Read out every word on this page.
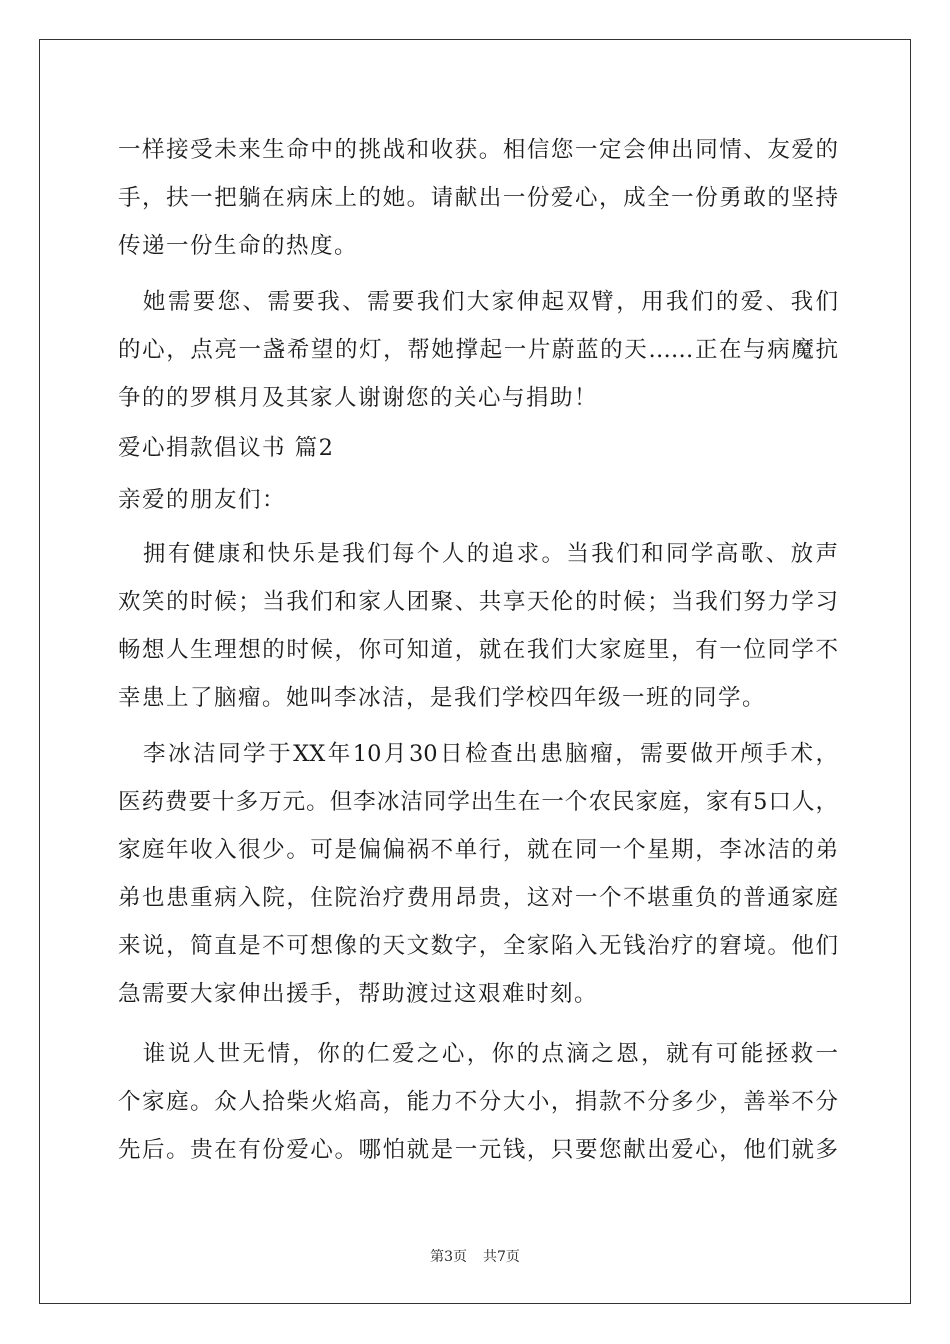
一样接受未来生命中的挑战和收获。相信您一定会伸出同情、友爱的
手，扶一把躺在病床上的她。请献出一份爱心，成全一份勇敢的坚持
传递一份生命的热度。
　她需要您、需要我、需要我们大家伸起双臂，用我们的爱、我们
的心，点亮一盏希望的灯，帮她撑起一片蔚蓝的天……正在与病魔抗
争的的罗棋月及其家人谢谢您的关心与捐助！
爱心捐款倡议书 篇2
亲爱的朋友们：
　拥有健康和快乐是我们每个人的追求。当我们和同学高歌、放声
欢笑的时候；当我们和家人团聚、共享天伦的时候；当我们努力学习
畅想人生理想的时候，你可知道，就在我们大家庭里，有一位同学不
幸患上了脑瘤。她叫李冰洁，是我们学校四年级一班的同学。
　李冰洁同学于XX年10月30日检查出患脑瘤，需要做开颅手术，
医药费要十多万元。但李冰洁同学出生在一个农民家庭，家有5口人，
家庭年收入很少。可是偏偏祸不单行，就在同一个星期，李冰洁的弟
弟也患重病入院，住院治疗费用昂贵，这对一个不堪重负的普通家庭
来说，简直是不可想像的天文数字，全家陷入无钱治疗的窘境。他们
急需要大家伸出援手，帮助渡过这艰难时刻。
　谁说人世无情，你的仁爱之心，你的点滴之恩，就有可能拯救一
个家庭。众人拾柴火焰高，能力不分大小，捐款不分多少，善举不分
先后。贵在有份爱心。哪怕就是一元钱，只要您献出爱心，他们就多
第3页 共7页
